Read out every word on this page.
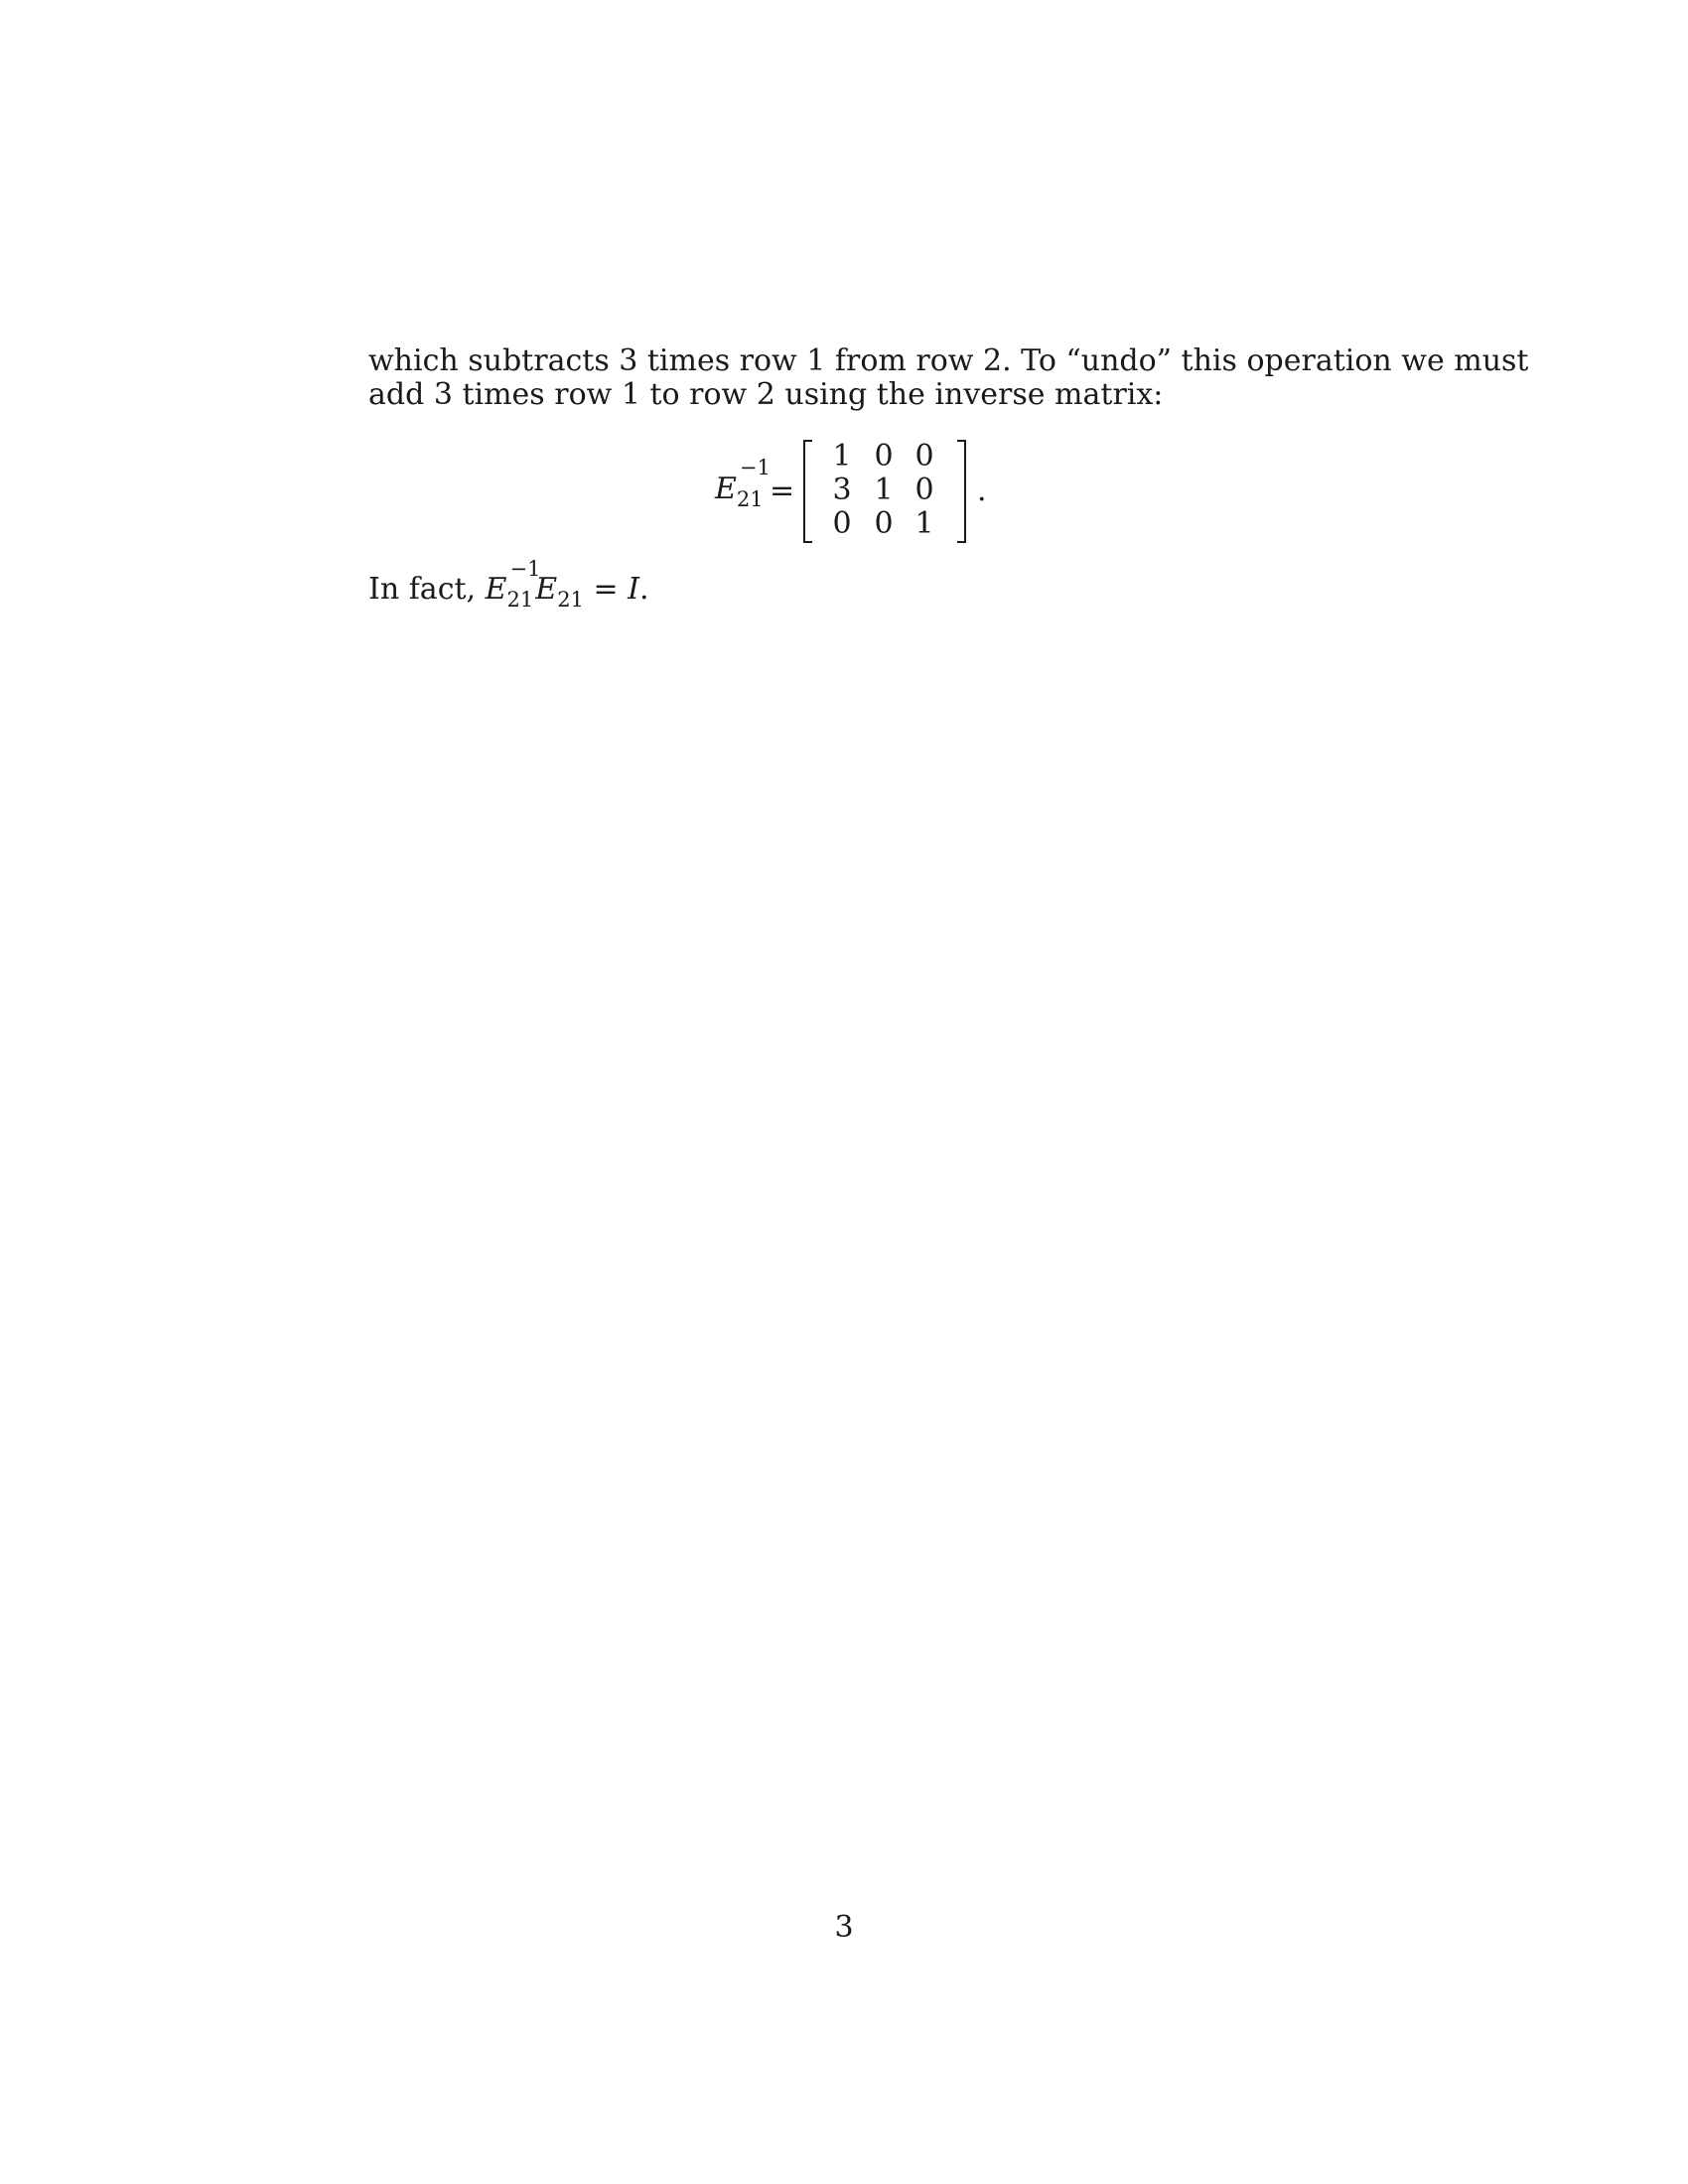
which subtracts 3 times row 1 from row 2. To “undo” this operation we must
add 3 times row 1 to row 2 using the inverse matrix:
E
−1
$_{21}$ =
1 0 0
3 1 0
0 0 1
.
In fact, E
−1
$_{21}E_{21} = I$.
3
